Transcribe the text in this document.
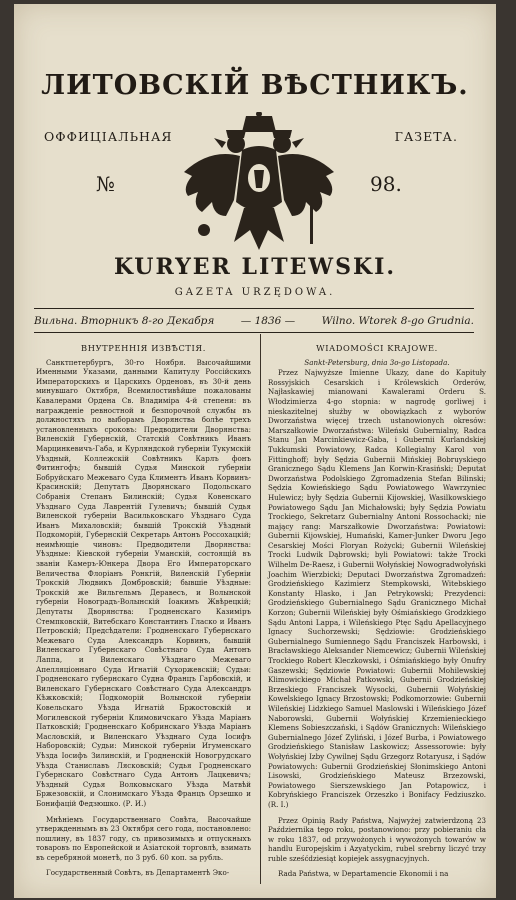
ЛИТОВСКІЙ ВѢСТНИКЪ.
ОФФИЦІАЛЬНАЯ	ГАЗЕТА.
№	98.
KURYER LITEWSKI.
GAZETA URZĘDOWA.
Вильна. Вторникъ 8-го Декабря	— 1836 —	Wilno. Wtorek 8-go Grudnia.
ВНУТРЕННІЯ ИЗВѢСТІЯ.

Санктпетербургъ, 30-го Ноября. Высочайшими Именными Указами, данными Капитулу Россійскихъ Императорскихъ и Царскихъ Орденовъ, въ 30-й день минувшаго Октября, Всемилостивѣйше пожалованы Кавалерами Ордена Св. Владиміра 4-й степени: въ награжденіе ревностной и безпорочной службы въ должностяхъ по выборамъ Дворянства болѣе трехъ установленныхъ сроковъ: Предводители Дворянства: Виленскій Губернскій, Статскій Совѣтникъ Иванъ Марцинкевичъ-Габа, и Курляндской губерніи Тукумскій Уѣздный, Коллежскій Совѣтникъ Карлъ фонъ Фитингофъ; бывшій Судья Минской губерніи Бобруйскаго Межеваго Суда Климентъ Иванъ Корвинъ-Красинскій; Депутатъ Дворянскаго Подольскаго Собранія Степанъ Билинскій; Судья Ковенскаго Уѣзднаго Суда Лаврентій Гулевичъ; бывшій Судья Виленской губерніи Васильковскаго Уѣзднаго Суда Иванъ Михаловскій; бывшій Трокскій Уѣздный Подкоморій, Губернскій Секретарь Антонъ Россохацкій; неимѣющіе чиновъ: Предводители Дворянства: Уѣздные: Кіевской губерніи Уманскій, состоящій въ званіи Камеръ-Юнкера Двора Его Императорскаго Величества Флоріанъ Ронкгій, Виленскій Губерніи Трокскій Людвикъ Домбровскій; бывшіе Уѣздные: Трокскій же Вильгельмъ Деравесъ, и Волынской губерніи Новоградъ-Волынскій Іоакимъ Жвѣрецкій; Депутаты Дворянства: Гродненскаго Казиміръ Стемпковскій, Витебскаго Константинъ Гласко и Иванъ Петровскій; Предсѣдатели: Гродненскаго Губернскаго Межеваго Суда Александръ Корвинъ, бывшій Виленскаго Губернскаго Совѣстнаго Суда Антонъ Лаппа, и Виленскаго Уѣзднаго Межеваго Апелляціоннаго Суда Игнатій Сухоржевскій; Судьи: Гродненскаго губернскаго Судна Францъ Гарбовскій, и Виленскаго Губернскаго Совѣстнаго Суда Александръ Кѣжковскій; Подкоморій Волынской губерніи Ковельскаго Уѣзда Игнатій Бржостовскій и Могилевской губерніи Климовичскаго Уѣзда Маріанъ Патковскій; Гродненскаго Кобринскаго Уѣзда Маріанъ Масловскій, и Виленскаго Уѣзднаго Суда Іосифъ Наборовскій; Судьи: Минской губерніи Игуменскаго Уѣзда Іосифъ Зилинскій, и Гродненскій Новогрудскаго Уѣзда Станиславъ Лясковскій; Судья Гродненскаго Губернскаго Совѣстнаго Суда Антонъ Лацкевичъ; Уѣздный Судья Волковыскаго Уѣзда Матвѣй Бржезовскій, и Слонимскаго Уѣзда Францъ Орзешко и Бонифацій Федзюшко. (Р. И.)

Мнѣніемъ Государственнаго Совѣта, Высочайше утвержденнымъ въ 23 Октября сего года, постановлено: пошлину, въ 1837 году, съ привозимыхъ и отпускныхъ товаровъ по Европейской и Азіатской торговлѣ, взимать въ серебряной монетѣ, по 3 руб. 60 коп. за рубль.

Государственный Совѣтъ, въ Департаментѣ Эко-

WIADOMOŚCI KRAJOWE.

Sankt-Petersburg, dnia 3o-go Listopada.

Przez Najwyższe Imienne Ukazy, dane do Kapituły Rossyjskich Cesarskich i Królewskich Orderów, Najłaskawiej mianowani Kawalerami Orderu S. Włodzimierza 4-go stopnia: w nagrodę gorliwej i nieskazitelnej służby w obowiązkach z wyborów Dworzaństwa więcej trzech ustanowionych okresów: Marszałkowie Dworzaństwa: Wileński Gubernialny, Radca Stanu Jan Marcinkiewicz-Gaba, i Gubernii Kurlandskiej Tukkumski Powiatowy, Radca Kollegialny Karol von Fittinghoff; były Sędzia Gubernii Mińskiej Bobruyskiego Granicznego Sądu Klemens Jan Korwin-Krasiński; Deputat Dworzaństwa Podolskiego Zgromadzenia Stefan Bilinski; Sędzia Kowieńskiego Sądu Powiatowego Wawrzyniec Hulewicz; były Sędzia Gubernii Kijowskiej, Wasilkowskiego Powiatowego Sądu Jan Michałowski; były Sędzia Powiatu Trockiego, Sekretarz Gubernialny Antoni Rossochacki; nie mający rang: Marszałkowie Dworzaństwa: Powiatowi: Gubernii Kijowskiej, Humański, Kamer-Junker Dworu Jego Cesarskiej Mości Floryan Rożycki; Gubernii Wileńskiej Trocki Ludwik Dąbrowski; byli Powiatowi: także Trocki Wilhelm De-Raesz, i Gubernii Wołyńskiej Nowogradwołyński Joachim Wierzbicki; Deputaci Dworzaństwa Zgromadzeń: Grodzieńskiego Kazimierz Stempkowski, Witebskiego Konstanty Hlasko, i Jan Petrykowski; Prezydenci: Grodzieńskiego Gubernialnego Sądu Granicznego Michał Korzon; Gubernii Wileńskiej były Ośmiańskiego Grodzkiego Sądu Antoni Lappa, i Wileńskiego Ptęc Sądu Apellacyjnego Ignacy Suchorzewski; Sędziowie: Grodzieńskiego Gubernialnego Sumiennego Sądu Franciszek Harbowski, i Bracławskiego Aleksander Niemcewicz; Gubernii Wileńskiej Trockiego Robert Kleczkowski, i Ośmiańskiego były Onufry Gaszewski; Sędziowie Powiatowi: Gubernii Mohilewskiej Klimowickiego Michał Patkowski, Gubernii Grodzieńskiej Brzeskiego Franciszek Wysocki, Gubernii Wołyńskiej Kowelskiego Ignacy Brzostowski; Podkomorzowie: Gubernii Wileńskiej Lidzkiego Samuel Maslowski i Wileńskiego Józef Naborowski, Gubernii Wołyńskiej Krzemienieckiego Klemens Sobieszczański, i Sądów Granicznych: Wileńskiego Gubernialnego Józef Zyliński, i Józef Burba, i Powiatowego Grodzieńskiego Stanisław Laskowicz; Assessorowie: były Wołyńskiej Izby Cywilnej Sądu Grzegorz Rotaryusz, i Sądów Powiatowych: Gubernii Grodzieńskiej Słonimskiego Antoni Lisowski, Grodzieńskiego Mateusz Brzezowski, Powiatowego Sierszewskiego Jan Potapowicz, i Kobryńskiego Franciszek Orzeszko i Bonifacy Fedziuszko. (R. I.)

Przez Opinią Rady Państwa, Najwyżej zatwierdzoną 23 Października tego roku, postanowiono: przy pobieraniu cła w roku 1837, od przywożonych i wywożonych towarów w handlu Europejskim i Azyatyckim, rubel srebrny liczyć trzy ruble sześćdziesiąt kopiejek assygnacyjnych.

Rada Państwa, w Departamencie Ekonomii i na
